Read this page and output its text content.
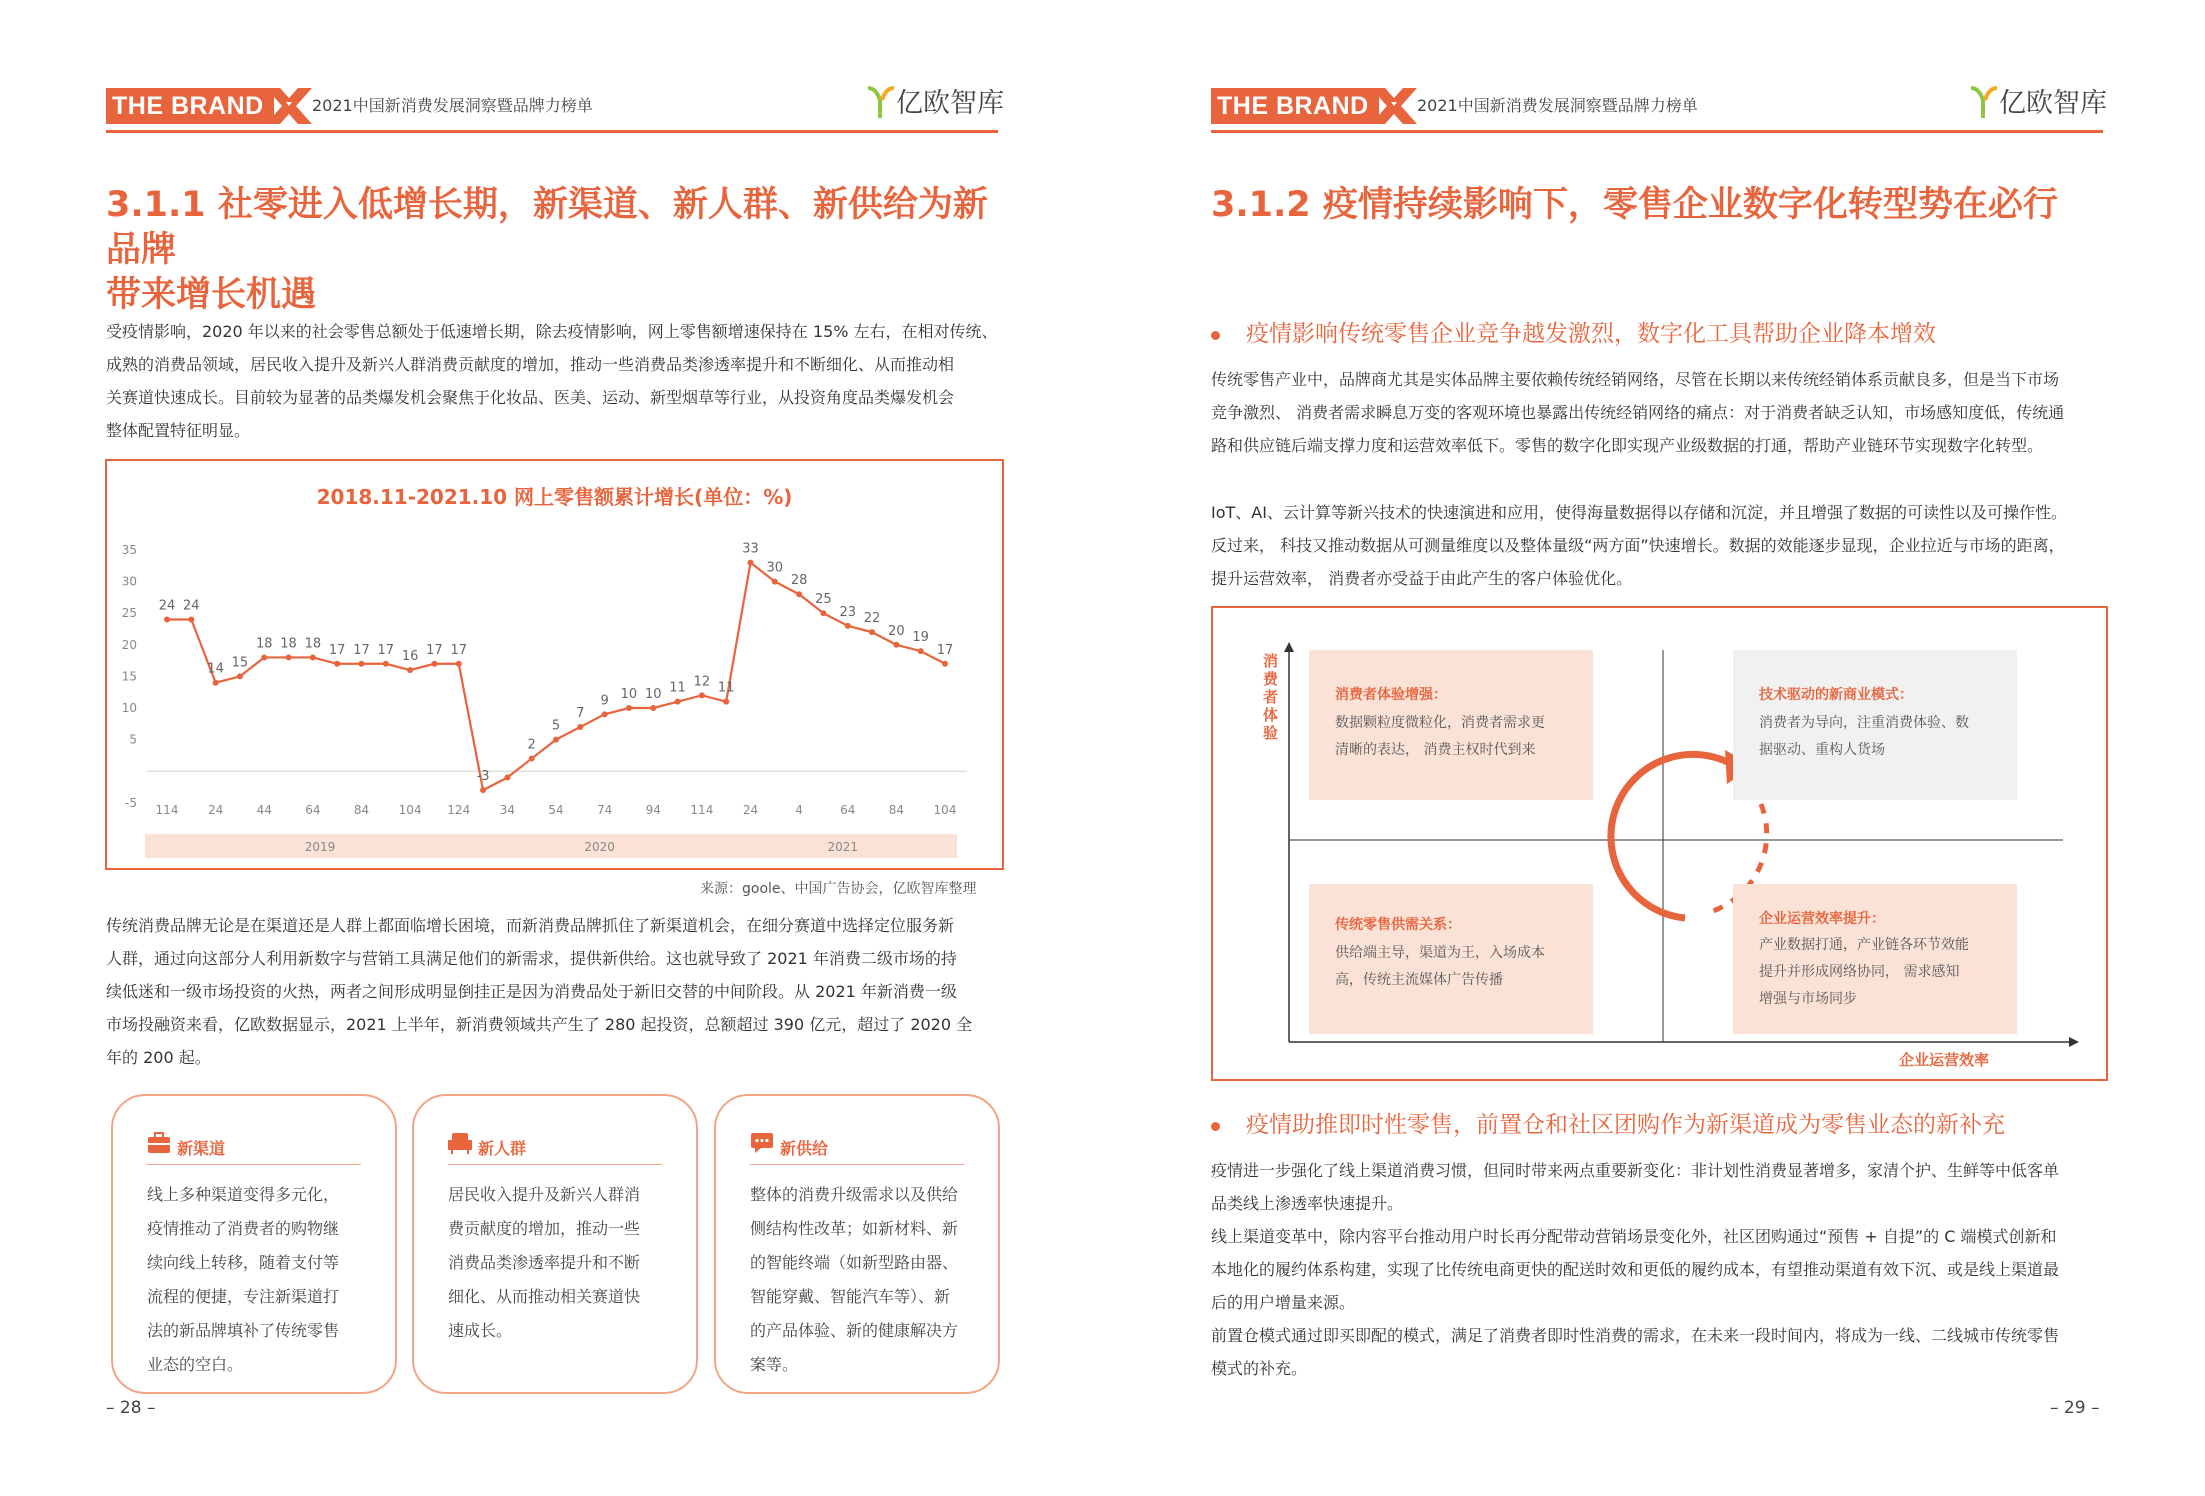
THE BRAND	2021中国新消费发展洞察暨品牌力榜单	亿欧智库
3.1.1 社零进入低增长期，新渠道、新人群、新供给为新品牌
带来增长机遇

受疫情影响，2020 年以来的社会零售总额处于低速增长期，除去疫情影响，网上零售额增速保持在 15% 左右，在相对传统、

成熟的消费品领域，居民收入提升及新兴人群消费贡献度的增加，推动一些消费品类渗透率提升和不断细化、从而推动相

关赛道快速成长。目前较为显著的品类爆发机会聚焦于化妆品、医美、运动、新型烟草等行业，从投资角度品类爆发机会

整体配置特征明显。

2018.11-2021.10 网上零售额累计增长(单位：%)
35
30
25
20
15
10
5
-5
24 24
14 15
18 18 18 17 17 17 16 17 17
-3
2
5
7
9 10 10 11 12 11
33
30
28
25
23 22
20 19
17
114 24	44	64	84 104 124 34	54	74	94 114 24	4	64	84 104
2019	2020	2021
来源：goole、中国广告协会，亿欧智库整理

传统消费品牌无论是在渠道还是人群上都面临增长困境，而新消费品牌抓住了新渠道机会，在细分赛道中选择定位服务新

人群，通过向这部分人利用新数字与营销工具满足他们的新需求，提供新供给。这也就导致了 2021 年消费二级市场的持

续低迷和一级市场投资的火热，两者之间形成明显倒挂正是因为消费品处于新旧交替的中间阶段。从 2021 年新消费一级

市场投融资来看，亿欧数据显示，2021 上半年，新消费领域共产生了 280 起投资，总额超过 390 亿元，超过了 2020 全

年的 200 起。

新渠道
线上多种渠道变得多元化，
疫情推动了消费者的购物继
续向线上转移，随着支付等
流程的便捷，专注新渠道打
法的新品牌填补了传统零售
业态的空白。
新人群
居民收入提升及新兴人群消
费贡献度的增加，推动一些
消费品类渗透率提升和不断
细化、从而推动相关赛道快
速成长。
新供给
整体的消费升级需求以及供给
侧结构性改革；如新材料、新
的智能终端（如新型路由器、
智能穿戴、智能汽车等）、新
的产品体验、新的健康解决方
案等。
– 28 –
THE BRAND	2021中国新消费发展洞察暨品牌力榜单	亿欧智库
3.1.2 疫情持续影响下，零售企业数字化转型势在必行
疫情影响传统零售企业竞争越发激烈，数字化工具帮助企业降本增效

传统零售产业中，品牌商尤其是实体品牌主要依赖传统经销网络，尽管在长期以来传统经销体系贡献良多，但是当下市场

竞争激烈、 消费者需求瞬息万变的客观环境也暴露出传统经销网络的痛点：对于消费者缺乏认知，市场感知度低，传统通

路和供应链后端支撑力度和运营效率低下。零售的数字化即实现产业级数据的打通，帮助产业链环节实现数字化转型。

IoT、AI、云计算等新兴技术的快速演进和应用，使得海量数据得以存储和沉淀，并且增强了数据的可读性以及可操作性。

反过来， 科技又推动数据从可测量维度以及整体量级“两方面”快速增长。数据的效能逐步显现，企业拉近与市场的距离，

提升运营效率， 消费者亦受益于由此产生的客户体验优化。

消费者体验
企业运营效率
消费者体验增强：
数据颗粒度微粒化，消费者需求更
清晰的表达， 消费主权时代到来
技术驱动的新商业模式：
消费者为导向，注重消费体验、数
据驱动、重构人货场
传统零售供需关系：
供给端主导，渠道为王，入场成本
高，传统主流媒体广告传播
企业运营效率提升：
产业数据打通，产业链各环节效能
提升并形成网络协同， 需求感知
增强与市场同步
疫情助推即时性零售，前置仓和社区团购作为新渠道成为零售业态的新补充

疫情进一步强化了线上渠道消费习惯，但同时带来两点重要新变化：非计划性消费显著增多，家清个护、生鲜等中低客单

品类线上渗透率快速提升。

线上渠道变革中，除内容平台推动用户时长再分配带动营销场景变化外，社区团购通过“预售 + 自提”的 C 端模式创新和

本地化的履约体系构建，实现了比传统电商更快的配送时效和更低的履约成本，有望推动渠道有效下沉、或是线上渠道最

后的用户增量来源。

前置仓模式通过即买即配的模式，满足了消费者即时性消费的需求，在未来一段时间内，将成为一线、二线城市传统零售

模式的补充。

– 29 –
